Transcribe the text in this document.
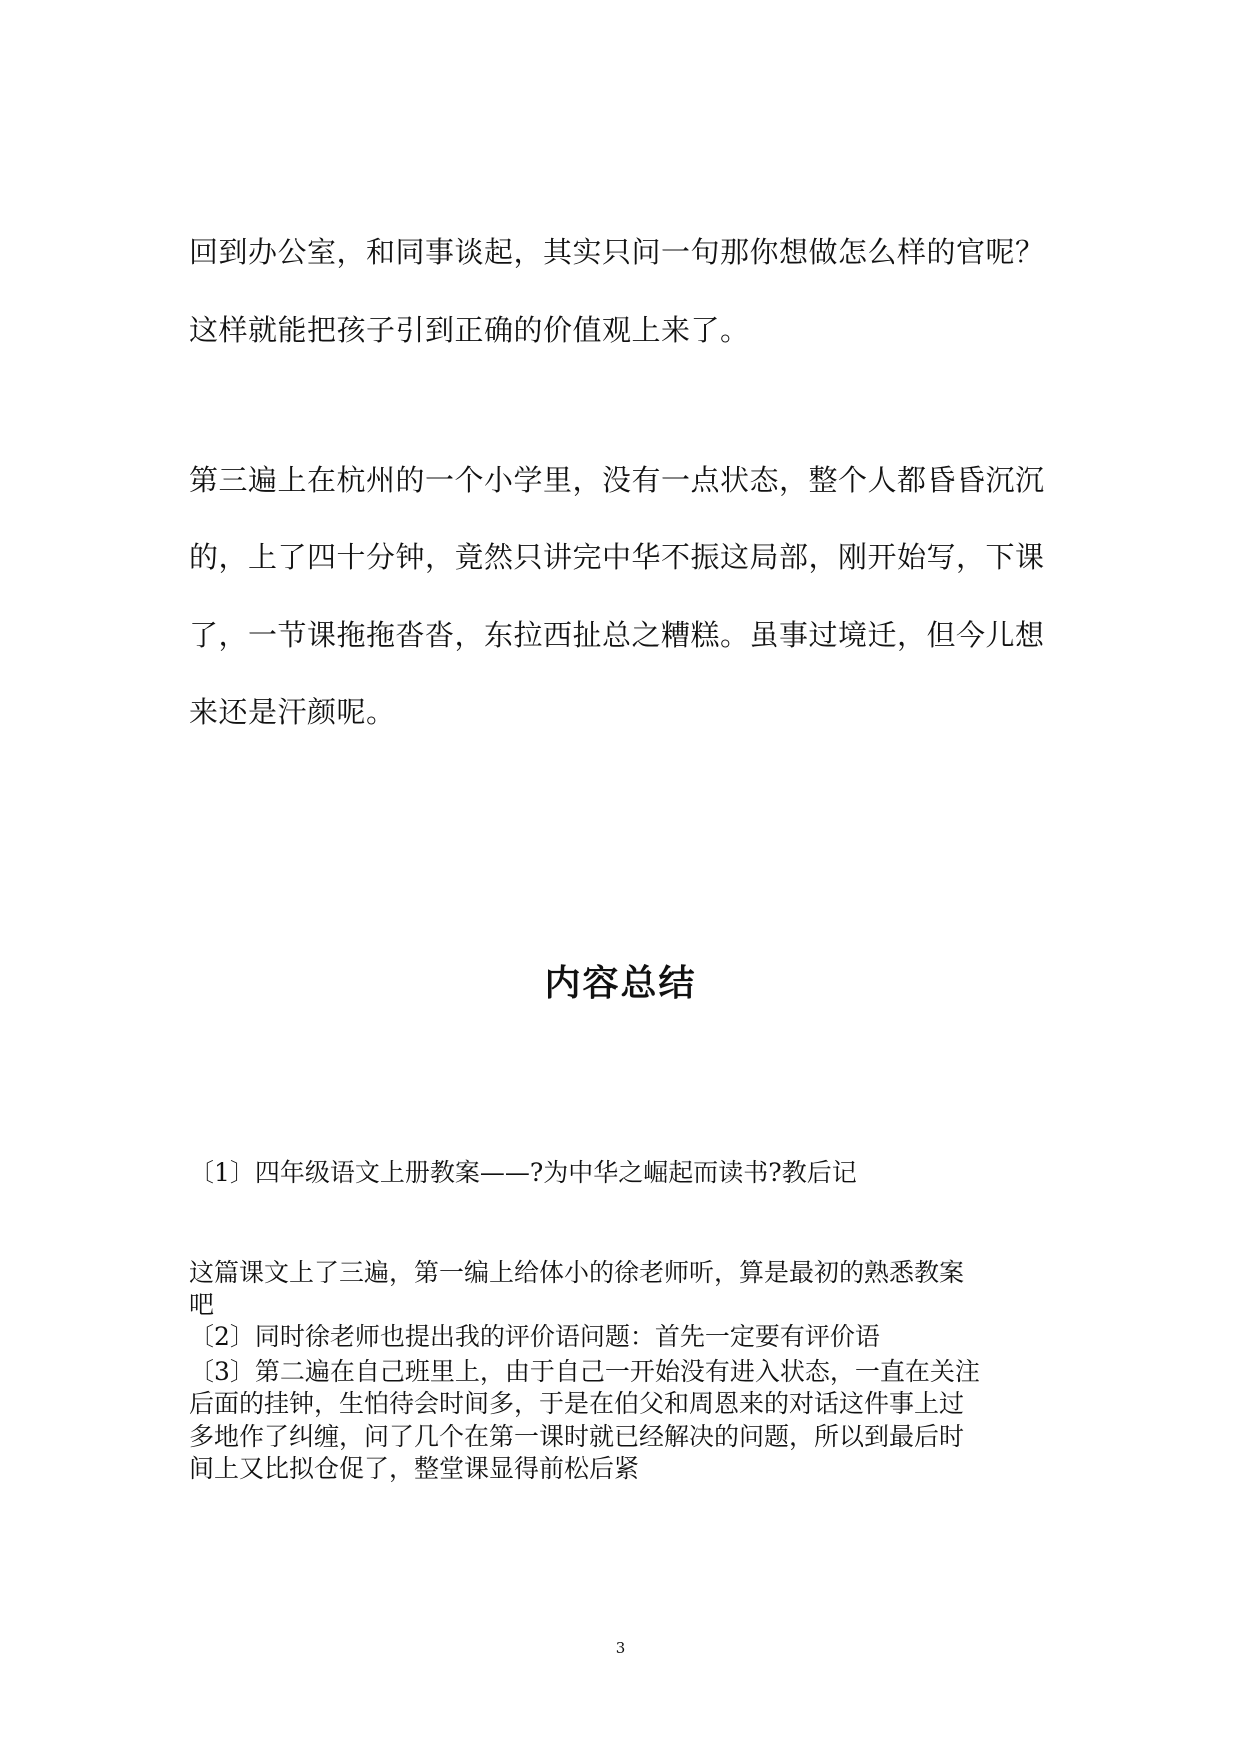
回到办公室，和同事谈起，其实只问一句那你想做怎么样的官呢？
这样就能把孩子引到正确的价值观上来了。
第三遍上在杭州的一个小学里，没有一点状态，整个人都昏昏沉沉
的，上了四十分钟，竟然只讲完中华不振这局部，刚开始写，下课
了，一节课拖拖沓沓，东拉西扯总之糟糕。虽事过境迁，但今儿想
来还是汗颜呢。
内容总结
〔1〕四年级语文上册教案——?为中华之崛起而读书?教后记
这篇课文上了三遍，第一编上给体小的徐老师听，算是最初的熟悉教案
吧
〔2〕同时徐老师也提出我的评价语问题：首先一定要有评价语
〔3〕第二遍在自己班里上，由于自己一开始没有进入状态，一直在关注
后面的挂钟，生怕待会时间多，于是在伯父和周恩来的对话这件事上过
多地作了纠缠，问了几个在第一课时就已经解决的问题，所以到最后时
间上又比拟仓促了，整堂课显得前松后紧
3
